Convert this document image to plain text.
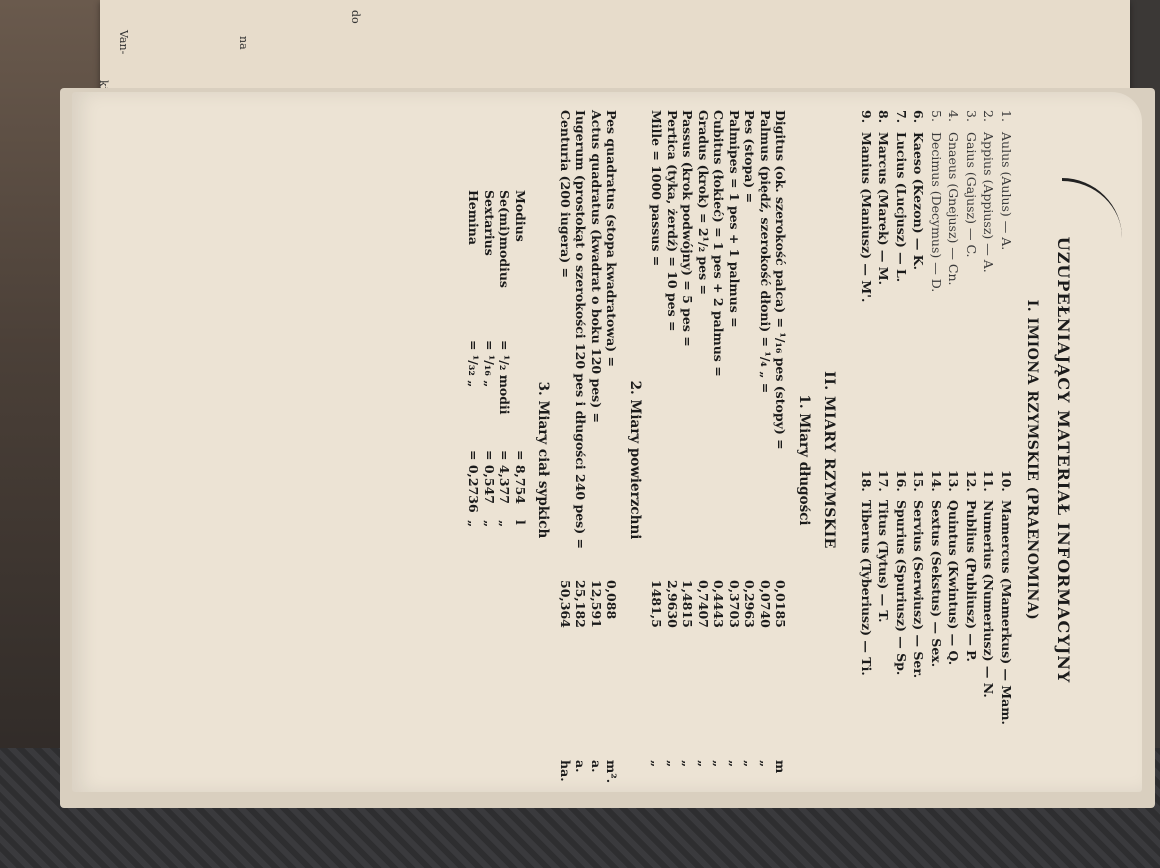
do
na
Van-
UZUPEŁNIAJĄCY MATERIAŁ INFORMACYJNY
I. IMIONA RZYMSKIE (PRAENOMINA)
1.
Aulus (Aulus) — A.
2.
Appius (Appiusz) — A.
3.
Gaius (Gajusz) — C.
4.
Gnaeus (Gnejusz) — Cn.
5.
Decimus (Decymus) — D.
6.
Kaeso (Kezon) — K.
7.
Lucius (Lucjusz) — L.
8.
Marcus (Marek) — M.
9.
Manius (Maniusz) — M'.
10.
Mamercus (Mamerkus) — Mam.
11.
Numerius (Numeriusz) — N.
12.
Publius (Publiusz) — P.
13.
Quintus (Kwintus) — Q.
14.
Sextus (Sekstus) — Sex.
15.
Servius (Serwiusz) — Ser.
16.
Spurius (Spuriusz) — Sp.
17.
Titus (Tytus) — T.
18.
Tiberus (Tyberiusz) — Ti.
II. MIARY RZYMSKIE
1. Miary długości
Digitus (ok. szerokość palca) = ¹/₁₆ pes (stopy) =
0,0185
m
Palmus (piędź, szerokość dłoni) = ¹/₄ „ =
0,0740
„
Pes (stopa) =
0,2963
„
Palmipes = 1 pes + 1 palmus =
0,3703
„
Cubitus (łokieć) = 1 pes + 2 palmus =
0,4443
„
Gradus (krok) = 2¹/₂ pes =
0,7407
„
Passus (krok podwójny) = 5 pes =
1,4815
„
Pertica (tyka, żerdź) = 10 pes =
2,9630
„
Mille = 1000 passus =
1481,5
„
2. Miary powierzchni
Pes quadratus (stopa kwadratowa) =
0,088
m².
Actus quadratus (kwadrat o boku 120 pes) =
12,591
a.
Iugerum (prostokąt o szerokości 120 pes i długości 240 pes) =
25,182
a.
Centuria (200 iugera) =
50,364
ha.
3. Miary ciał sypkich
Modius
= 8,754
l
Se(mi)modius
= ¹/₂ modii
= 4,377
„
Sextarius
= ¹/₁₆ „
= 0,547
„
Hemina
= ¹/₃₂ „
= 0,2736
„
